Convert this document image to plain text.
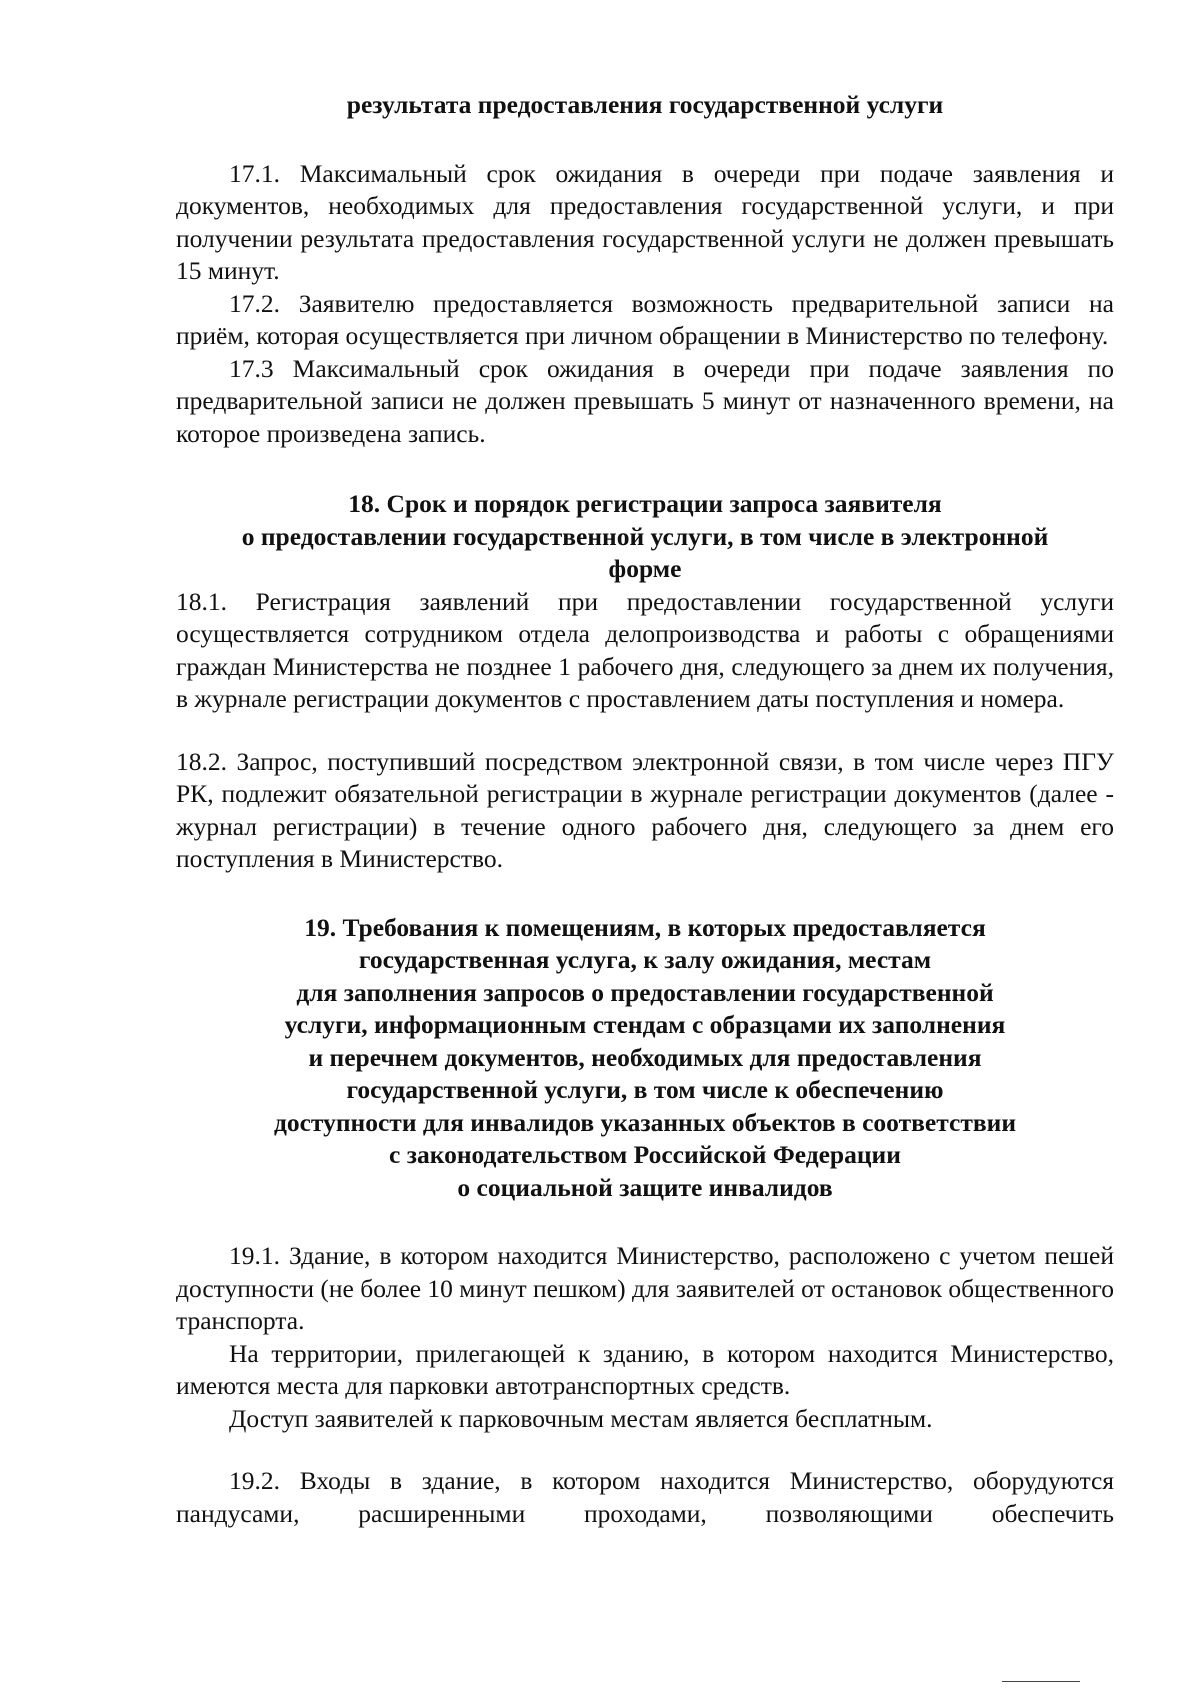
результата предоставления государственной услуги

17.1. Максимальный срок ожидания в очереди при подаче заявления и документов, необходимых для предоставления государственной услуги, и при получении результата предоставления государственной услуги не должен превышать 15 минут.

17.2. Заявителю предоставляется возможность предварительной записи на приём, которая осуществляется при личном обращении в Министерство по телефону.

17.3 Максимальный срок ожидания в очереди при подаче заявления по предварительной записи не должен превышать 5 минут от назначенного времени, на которое произведена запись.

18. Срок и порядок регистрации запроса заявителя
о предоставлении государственной услуги, в том числе в электронной
форме

18.1. Регистрация заявлений при предоставлении государственной услуги осуществляется сотрудником отдела делопроизводства и работы с обращениями граждан Министерства не позднее 1 рабочего дня, следующего за днем их получения, в журнале регистрации документов с проставлением даты поступления и номера.

18.2. Запрос, поступивший посредством электронной связи, в том числе через ПГУ РК, подлежит обязательной регистрации в журнале регистрации документов (далее - журнал регистрации) в течение одного рабочего дня, следующего за днем его поступления в Министерство.

19. Требования к помещениям, в которых предоставляется
государственная услуга, к залу ожидания, местам
для заполнения запросов о предоставлении государственной
услуги, информационным стендам с образцами их заполнения
и перечнем документов, необходимых для предоставления
государственной услуги, в том числе к обеспечению
доступности для инвалидов указанных объектов в соответствии
с законодательством Российской Федерации
о социальной защите инвалидов

19.1. Здание, в котором находится Министерство, расположено с учетом пешей доступности (не более 10 минут пешком) для заявителей от остановок общественного транспорта.

На территории, прилегающей к зданию, в котором находится Министерство, имеются места для парковки автотранспортных средств.

Доступ заявителей к парковочным местам является бесплатным.

19.2. Входы в здание, в котором находится Министерство, оборудуются пандусами, расширенными проходами, позволяющими обеспечить
